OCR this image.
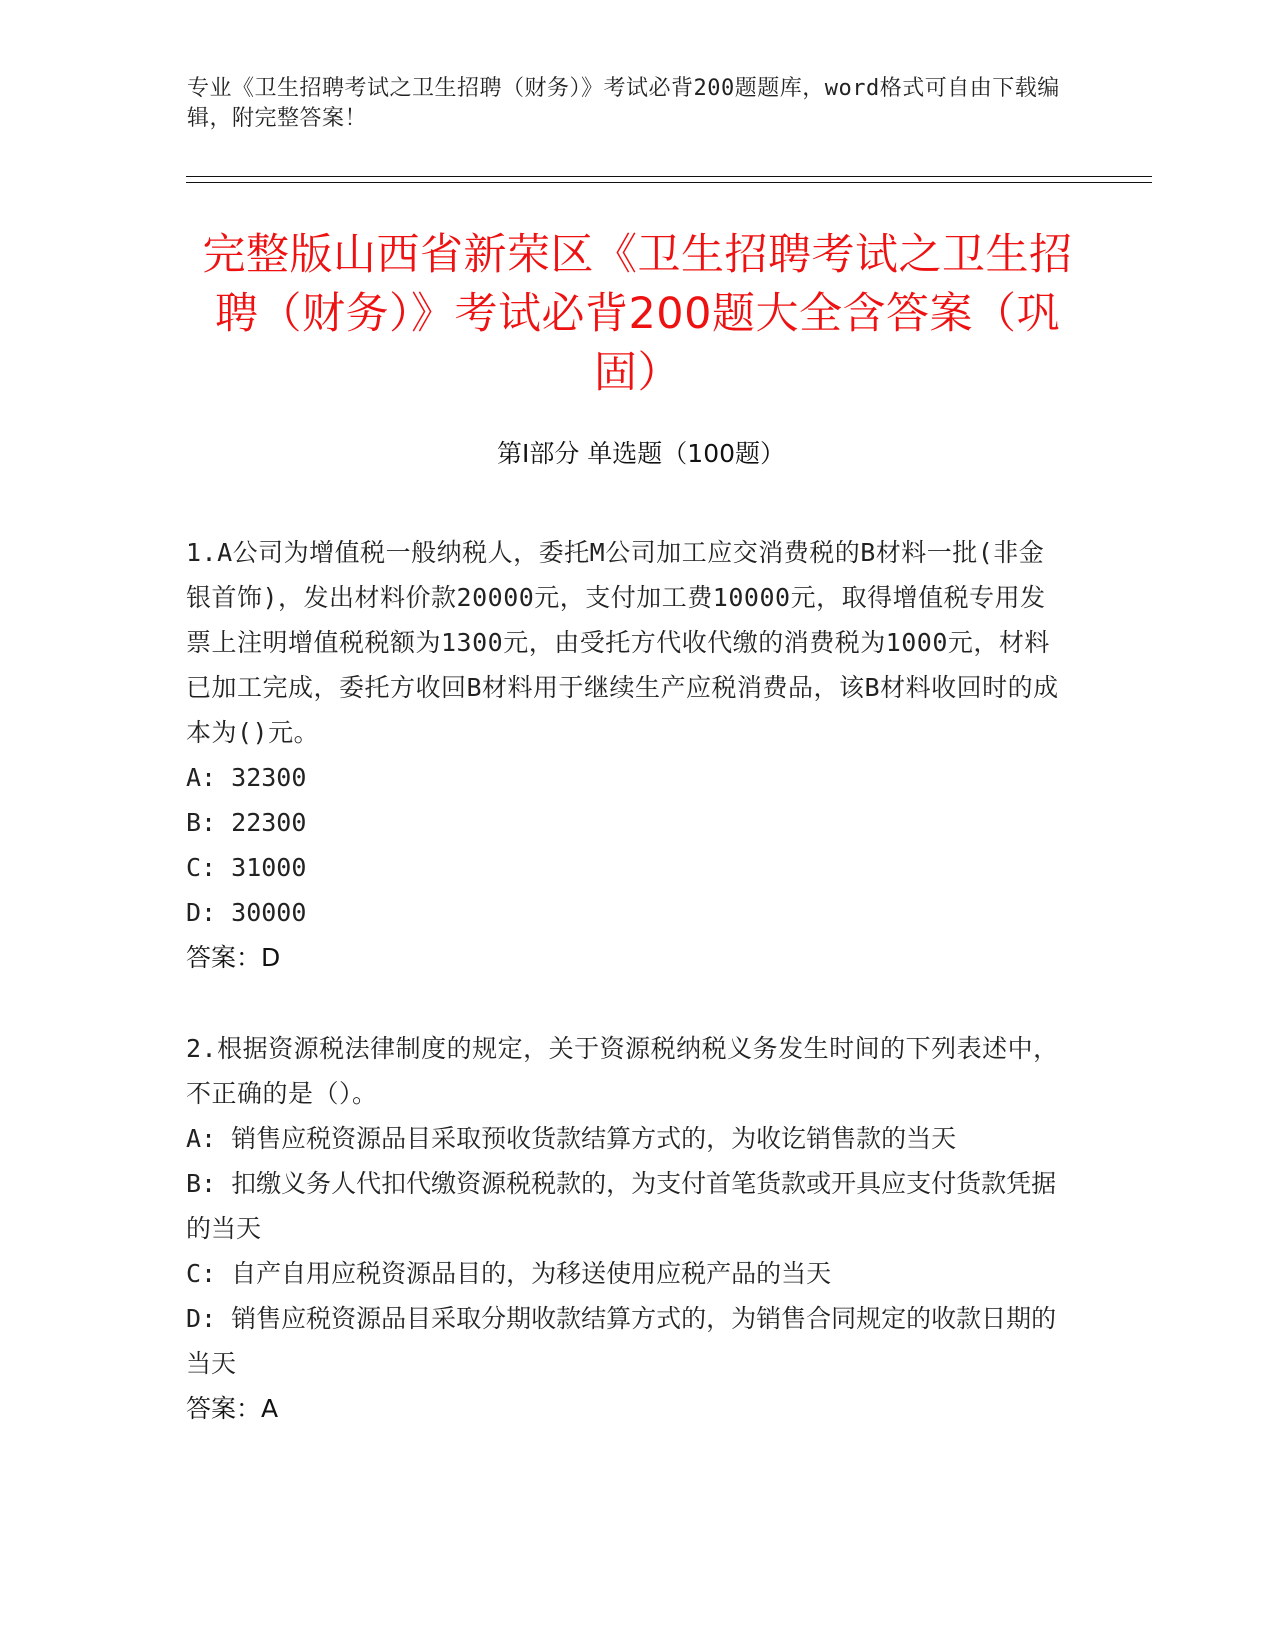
专业《卫生招聘考试之卫生招聘（财务）》考试必背200题题库，word格式可自由下载编辑，附完整答案！
完整版山西省新荣区《卫生招聘考试之卫生招聘（财务）》考试必背200题大全含答案（巩固）
第Ⅰ部分 单选题（100题）

1.A公司为增值税一般纳税人，委托M公司加工应交消费税的B材料一批(非金银首饰)，发出材料价款20000元，支付加工费10000元，取得增值税专用发票上注明增值税税额为1300元，由受托方代收代缴的消费税为1000元，材料已加工完成，委托方收回B材料用于继续生产应税消费品，该B材料收回时的成本为()元。

A: 32300

B: 22300

C: 31000

D: 30000

答案：D

2.根据资源税法律制度的规定，关于资源税纳税义务发生时间的下列表述中，不正确的是（）。

A: 销售应税资源品目采取预收货款结算方式的，为收讫销售款的当天

B: 扣缴义务人代扣代缴资源税税款的，为支付首笔货款或开具应支付货款凭据的当天

C: 自产自用应税资源品目的，为移送使用应税产品的当天

D: 销售应税资源品目采取分期收款结算方式的，为销售合同规定的收款日期的当天

答案：A
